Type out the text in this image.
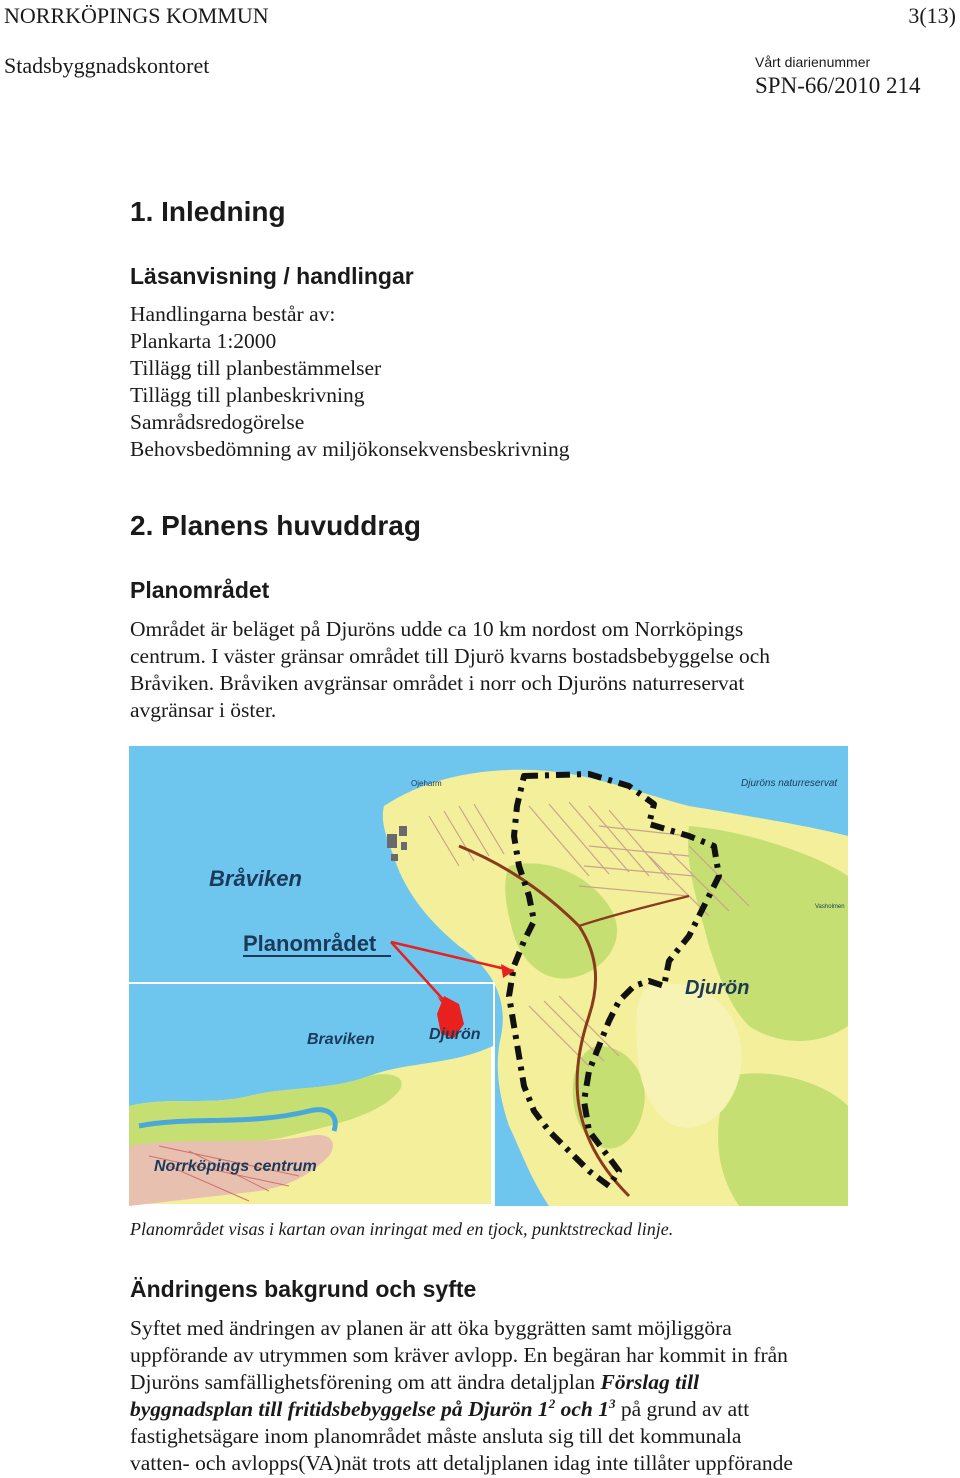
NORRKÖPINGS KOMMUN	3(13)
Stadsbyggnadskontoret	Vårt diarienummer
SPN-66/2010 214
1. Inledning
Läsanvisning / handlingar
Handlingarna består av:
Plankarta 1:2000
Tillägg till planbestämmelser
Tillägg till planbeskrivning
Samrådsredogörelse
Behovsbedömning av miljökonsekvensbeskrivning
2. Planens huvuddrag
Planområdet
Området är beläget på Djuröns udde ca 10 km nordost om Norrköpings
centrum. I väster gränsar området till Djurö kvarns bostadsbebyggelse och
Bråviken. Bråviken avgränsar området i norr och Djuröns naturreservat
avgränsar i öster.
Bråviken
Planområdet
Djurön
Djuröns naturreservat
Ojeharm
Vasholmen
Braviken	Djurön
Norrköpings centrum
Planområdet visas i kartan ovan inringat med en tjock, punktstreckad linje.
Ändringens bakgrund och syfte
Syftet med ändringen av planen är att öka byggrätten samt möjliggöra
uppförande av utrymmen som kräver avlopp. En begäran har kommit in från
Djuröns samfällighetsförening om att ändra detaljplan Förslag till
byggnadsplan till fritidsbebyggelse på Djurön $1^2$ och $1^3$ på grund av att
fastighetsägare inom planområdet måste ansluta sig till det kommunala
vatten- och avlopps(VA)nät trots att detaljplanen idag inte tillåter uppförande
